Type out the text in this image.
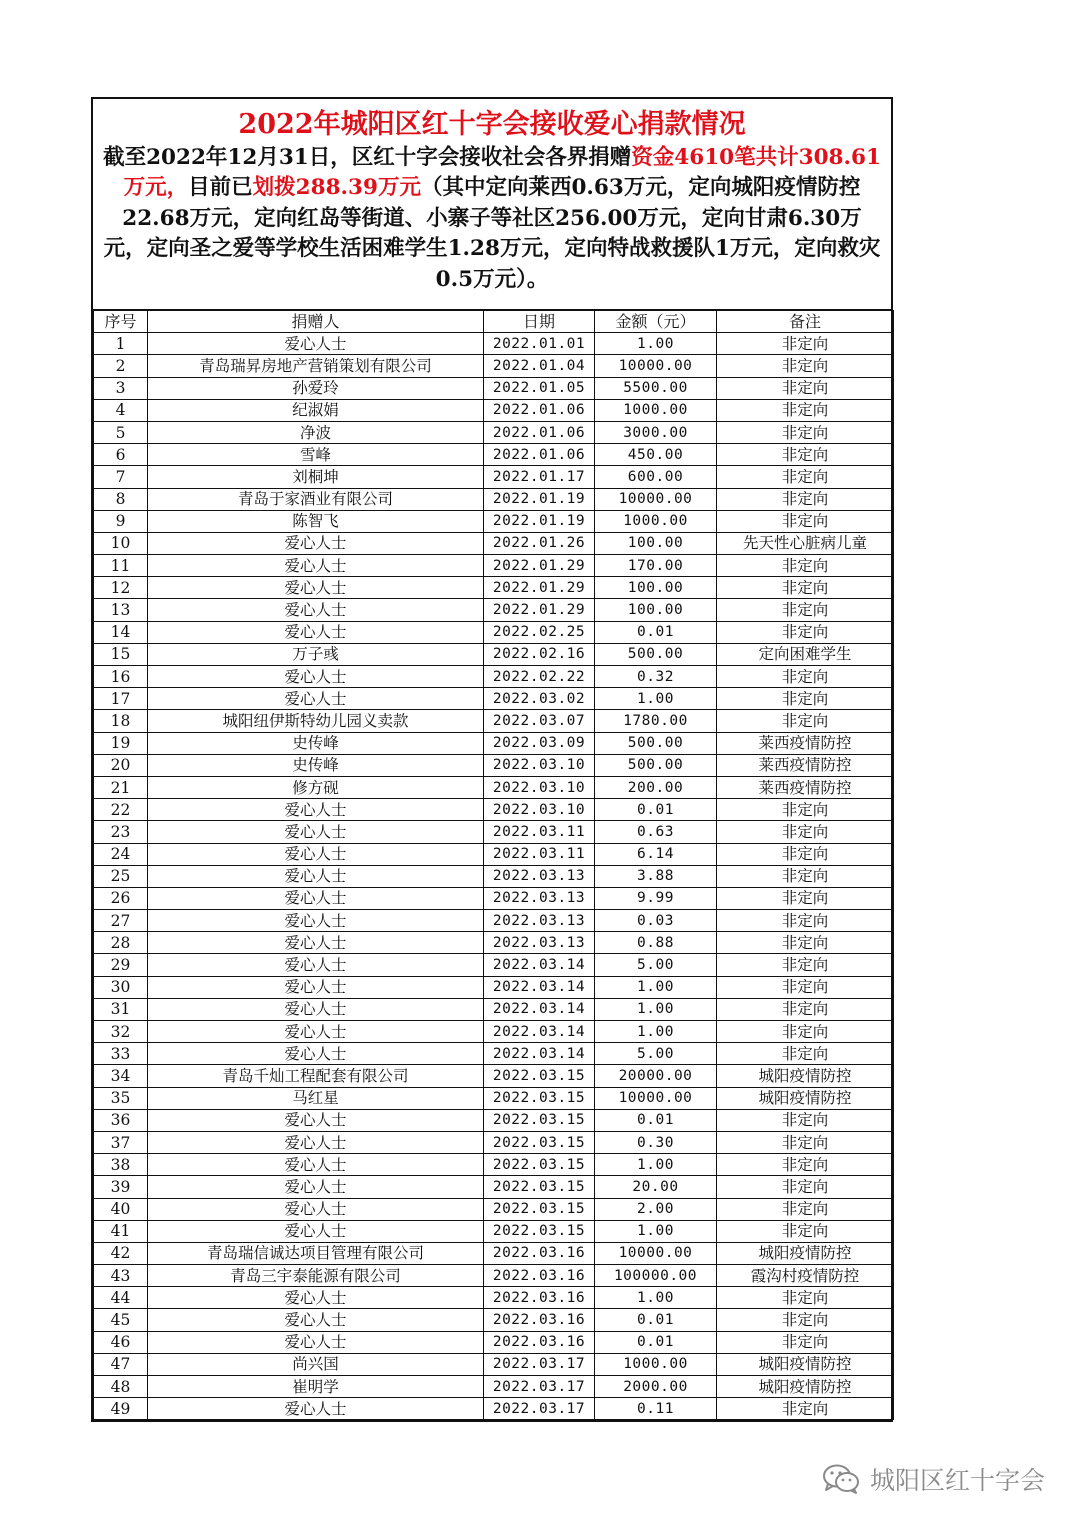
2022年城阳区红十字会接收爱心捐款情况

截至2022年12月31日，区红十字会接收社会各界捐赠资金4610笔共计308.61万元，目前已划拨288.39万元（其中定向莱西0.63万元，定向城阳疫情防控22.68万元，定向红岛等街道、小寨子等社区256.00万元，定向甘肃6.30万元，定向圣之爱等学校生活困难学生1.28万元，定向特战救援队1万元，定向救灾0.5万元）。

序号	捐赠人	日期	金额（元）	备注
1	爱心人士	2022.01.01	1.00	非定向
2	青岛瑞昇房地产营销策划有限公司	2022.01.04	10000.00	非定向
3	孙爱玲	2022.01.05	5500.00	非定向
4	纪淑娟	2022.01.06	1000.00	非定向
5	净波	2022.01.06	3000.00	非定向
6	雪峰	2022.01.06	450.00	非定向
7	刘桐坤	2022.01.17	600.00	非定向
8	青岛于家酒业有限公司	2022.01.19	10000.00	非定向
9	陈智飞	2022.01.19	1000.00	非定向
10	爱心人士	2022.01.26	100.00	先天性心脏病儿童
11	爱心人士	2022.01.29	170.00	非定向
12	爱心人士	2022.01.29	100.00	非定向
13	爱心人士	2022.01.29	100.00	非定向
14	爱心人士	2022.02.25	0.01	非定向
15	万子彧	2022.02.16	500.00	定向困难学生
16	爱心人士	2022.02.22	0.32	非定向
17	爱心人士	2022.03.02	1.00	非定向
18	城阳纽伊斯特幼儿园义卖款	2022.03.07	1780.00	非定向
19	史传峰	2022.03.09	500.00	莱西疫情防控
20	史传峰	2022.03.10	500.00	莱西疫情防控
21	修方砚	2022.03.10	200.00	莱西疫情防控
22	爱心人士	2022.03.10	0.01	非定向
23	爱心人士	2022.03.11	0.63	非定向
24	爱心人士	2022.03.11	6.14	非定向
25	爱心人士	2022.03.13	3.88	非定向
26	爱心人士	2022.03.13	9.99	非定向
27	爱心人士	2022.03.13	0.03	非定向
28	爱心人士	2022.03.13	0.88	非定向
29	爱心人士	2022.03.14	5.00	非定向
30	爱心人士	2022.03.14	1.00	非定向
31	爱心人士	2022.03.14	1.00	非定向
32	爱心人士	2022.03.14	1.00	非定向
33	爱心人士	2022.03.14	5.00	非定向
34	青岛千灿工程配套有限公司	2022.03.15	20000.00	城阳疫情防控
35	马红星	2022.03.15	10000.00	城阳疫情防控
36	爱心人士	2022.03.15	0.01	非定向
37	爱心人士	2022.03.15	0.30	非定向
38	爱心人士	2022.03.15	1.00	非定向
39	爱心人士	2022.03.15	20.00	非定向
40	爱心人士	2022.03.15	2.00	非定向
41	爱心人士	2022.03.15	1.00	非定向
42	青岛瑞信诚达项目管理有限公司	2022.03.16	10000.00	城阳疫情防控
43	青岛三宇泰能源有限公司	2022.03.16	100000.00	霞沟村疫情防控
44	爱心人士	2022.03.16	1.00	非定向
45	爱心人士	2022.03.16	0.01	非定向
46	爱心人士	2022.03.16	0.01	非定向
47	尚兴国	2022.03.17	1000.00	城阳疫情防控
48	崔明学	2022.03.17	2000.00	城阳疫情防控
49	爱心人士	2022.03.17	0.11	非定向
城阳区红十字会
